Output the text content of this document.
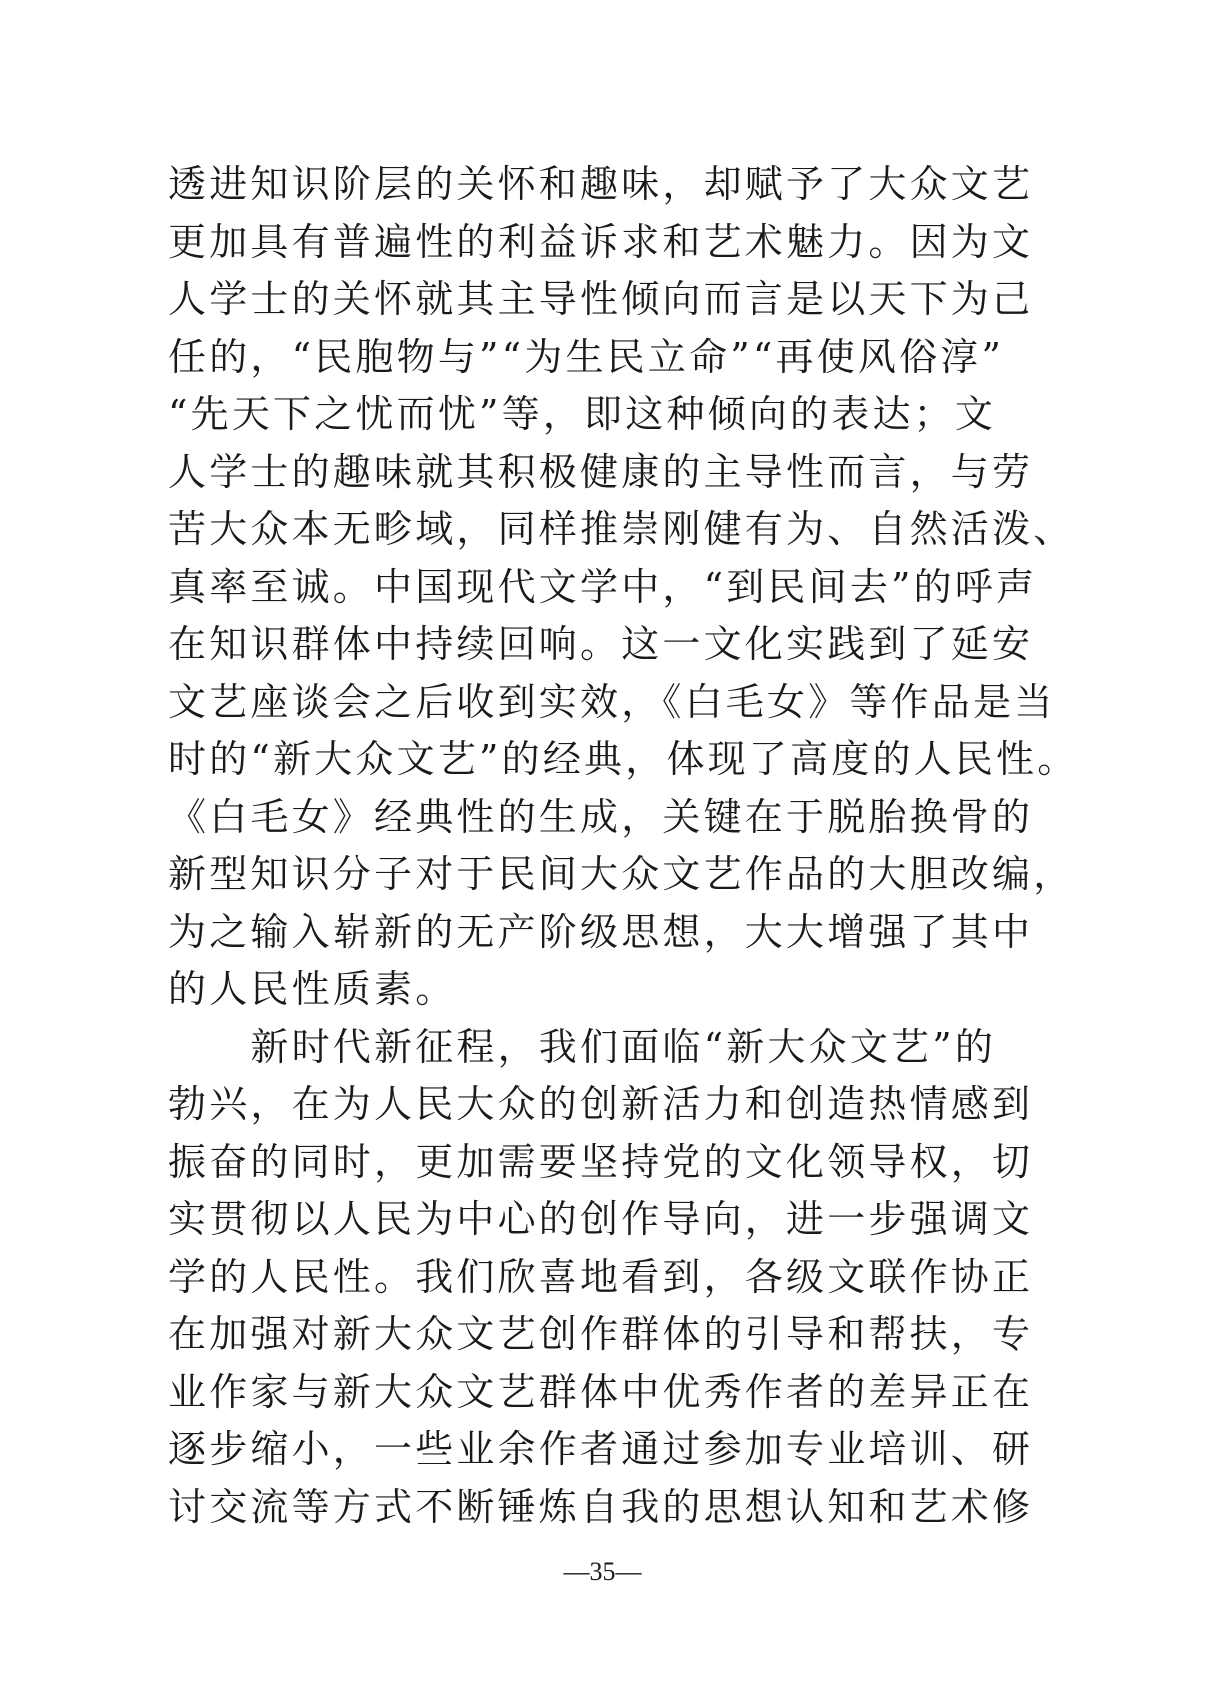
透进知识阶层的关怀和趣味，却赋予了大众文艺
更加具有普遍性的利益诉求和艺术魅力。因为文
人学士的关怀就其主导性倾向而言是以天下为己
任的，“民胞物与”“为生民立命”“再使风俗淳”
“先天下之忧而忧”等，即这种倾向的表达；文
人学士的趣味就其积极健康的主导性而言，与劳
苦大众本无畛域，同样推崇刚健有为、自然活泼、
真率至诚。中国现代文学中，“到民间去”的呼声
在知识群体中持续回响。这一文化实践到了延安
文艺座谈会之后收到实效，《白毛女》等作品是当
时的“新大众文艺”的经典，体现了高度的人民性。
《白毛女》经典性的生成，关键在于脱胎换骨的
新型知识分子对于民间大众文艺作品的大胆改编，
为之输入崭新的无产阶级思想，大大增强了其中
的人民性质素。
　　新时代新征程，我们面临“新大众文艺”的
勃兴，在为人民大众的创新活力和创造热情感到
振奋的同时，更加需要坚持党的文化领导权，切
实贯彻以人民为中心的创作导向，进一步强调文
学的人民性。我们欣喜地看到，各级文联作协正
在加强对新大众文艺创作群体的引导和帮扶，专
业作家与新大众文艺群体中优秀作者的差异正在
逐步缩小，一些业余作者通过参加专业培训、研
讨交流等方式不断锤炼自我的思想认知和艺术修
—35—
